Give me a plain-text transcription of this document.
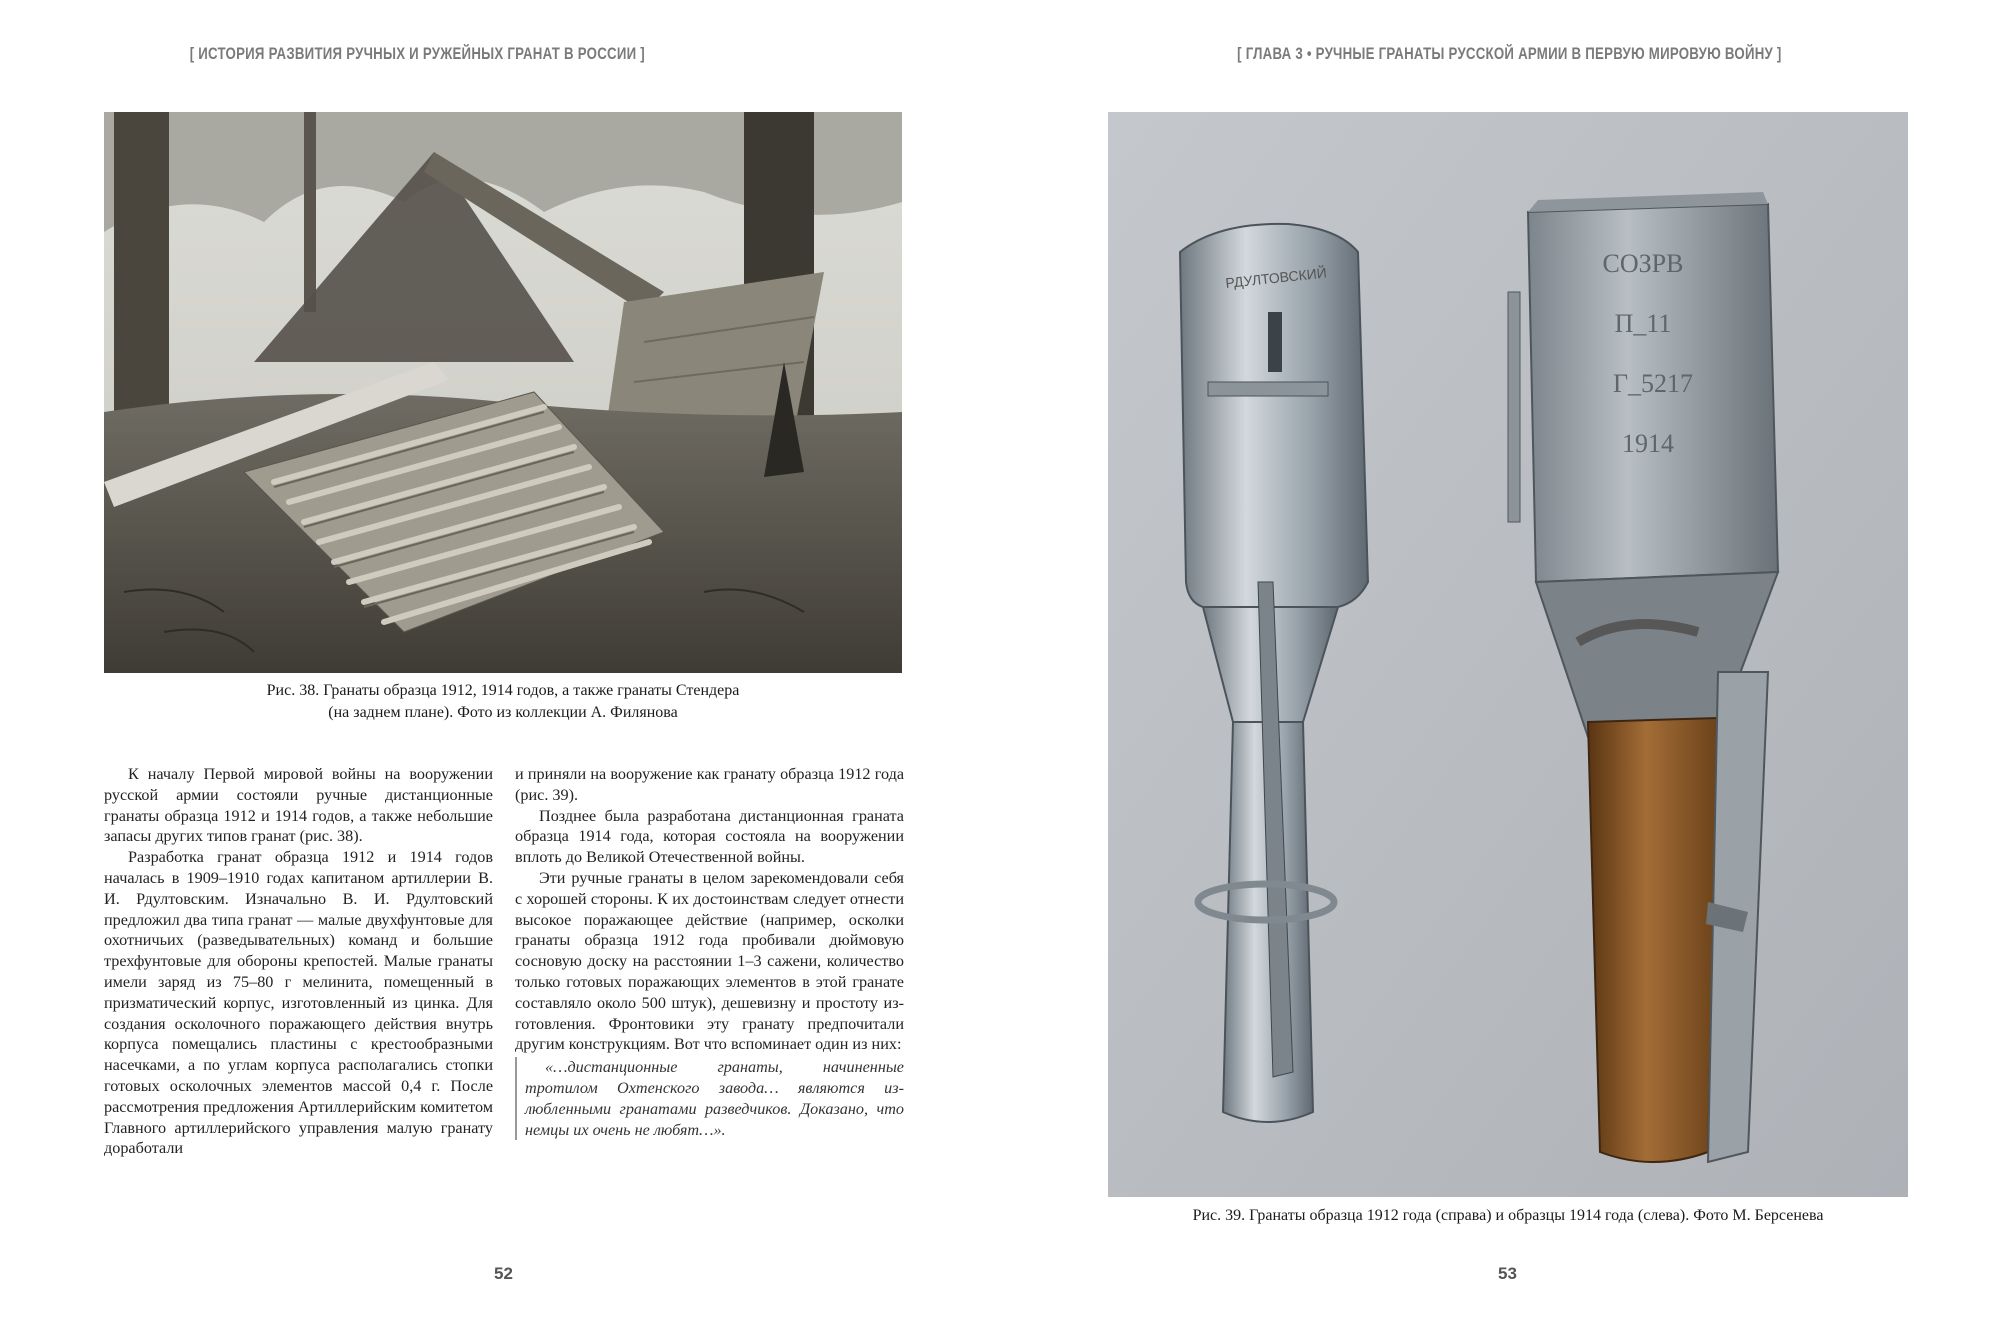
[ ИСТОРИЯ РАЗВИТИЯ РУЧНЫХ И РУЖЕЙНЫХ ГРАНАТ В РОССИИ ]
Рис. 38. Гранаты образца 1912, 1914 годов, а также гранаты Стендера
(на заднем плане). Фото из коллекции А. Филянова

К началу Первой мировой войны на вооружении русской армии состояли ручные дистанционные гранаты образца 1912 и 1914 годов, а также небольшие запасы других типов гранат (рис. 38).

Разработка гранат образца 1912 и 1914 годов началась в 1909–1910 годах капитаном артиллерии В. И. Рдултовским. Изначально В. И. Рдултовский предложил два типа гранат — малые двухфунтовые для охотничьих (разведывательных) команд и большие трехфунтовые для обороны крепостей. Малые гранаты имели заряд из 75–80 г мелинита, помещенный в призматический корпус, изготовленный из цинка. Для создания осколочного поражающего действия внутрь корпуса помещались пластины с крестообразными насечками, а по углам корпуса располагались стопки готовых осколочных элементов массой 0,4 г. После рассмотрения предложения Артиллерийским комитетом Главного артиллерийского управления малую гранату доработали

и приняли на вооружение как гранату образца 1912 года (рис. 39).

Позднее была разработана дистанционная граната образца 1914 года, которая состояла на вооружении вплоть до Великой Отечественной войны.

Эти ручные гранаты в целом зарекомендовали себя с хорошей стороны. К их достоинствам следует отнести высокое поражающее действие (например, осколки гранаты образца 1912 года пробивали дюймовую сосновую доску на расстоянии 1–3 сажени, количество только готовых поражающих элементов в этой гранате составляло около 500 штук), дешевизну и простоту изготовления. Фронтовики эту гранату предпочитали другим конструкциям. Вот что вспоминает один из них:

«…дистанционные гранаты, начиненные тротилом Охтенского завода… являются излюбленными гранатами разведчиков. Доказано, что немцы их очень не любят…».

52
[ ГЛАВА 3 • РУЧНЫЕ ГРАНАТЫ РУССКОЙ АРМИИ В ПЕРВУЮ МИРОВУЮ ВОЙНУ ]
РДУЛТОВСКИЙ	СОЗРВ
П_11
Г_5217
1914
Рис. 39. Гранаты образца 1912 года (справа) и образцы 1914 года (слева). Фото М. Берсенева
53
